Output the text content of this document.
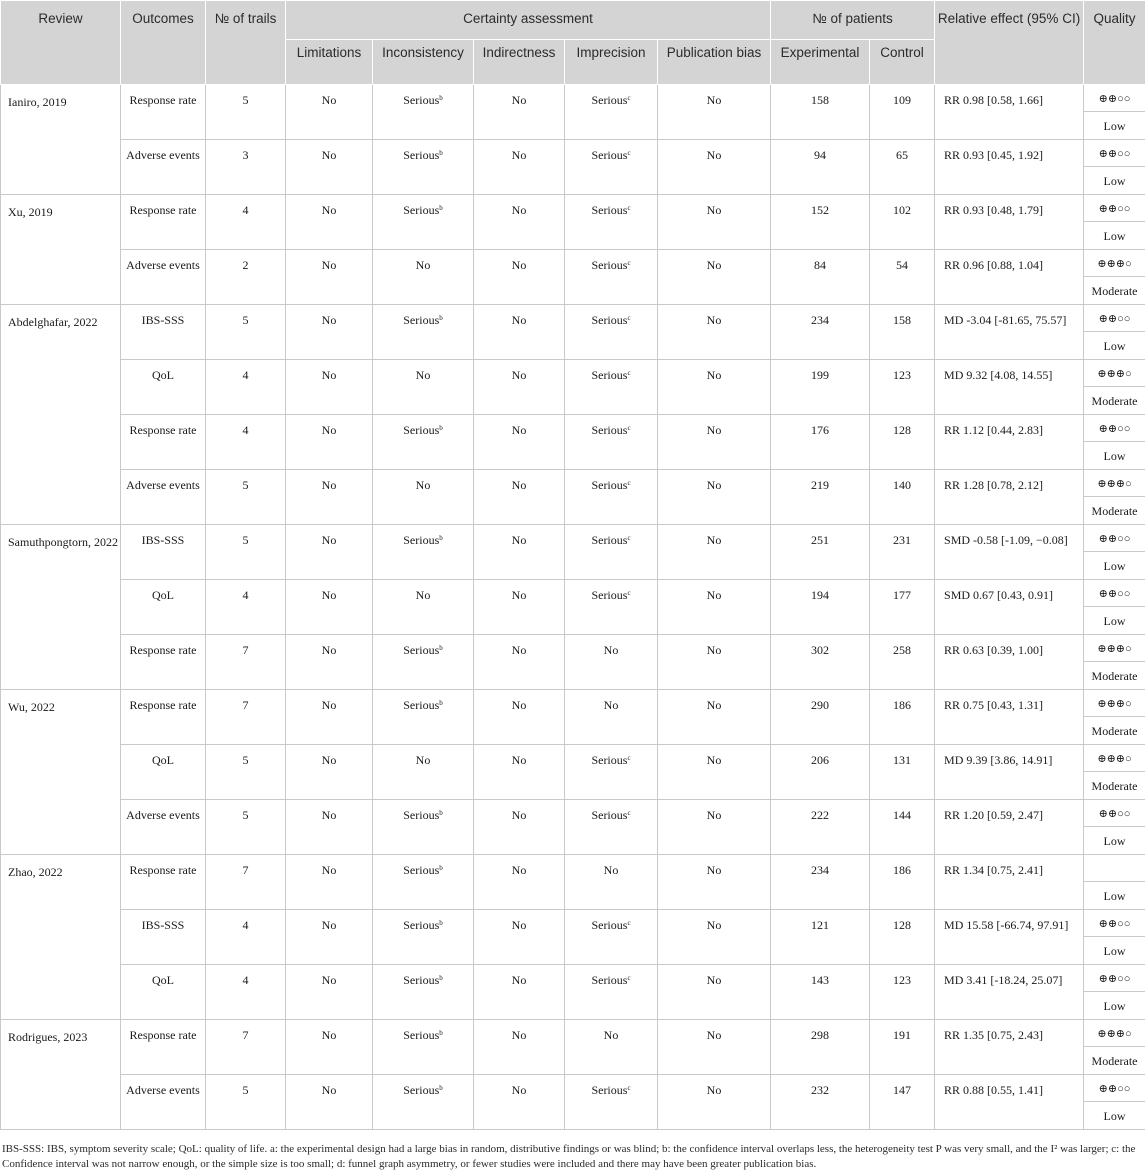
Review	Outcomes	№ of trails	Certainty assessment					№ of patients		Relative effect (95% CI)	Quality
			Limitations	Inconsistency	Indirectness	Imprecision	Publication bias	Experimental	Control		
Ianiro, 2019	Response rate	5	No	Serious$^b$	No	Serious$^c$	No	158	109	RR 0.98 [0.58, 1.66]	⊕⊕○○
											Low
	Adverse events	3	No	Serious$^b$	No	Serious$^c$	No	94	65	RR 0.93 [0.45, 1.92]	⊕⊕○○
											Low
Xu, 2019	Response rate	4	No	Serious$^b$	No	Serious$^c$	No	152	102	RR 0.93 [0.48, 1.79]	⊕⊕○○
											Low
	Adverse events	2	No	No	No	Serious$^c$	No	84	54	RR 0.96 [0.88, 1.04]	⊕⊕⊕○
											Moderate
Abdelghafar, 2022	IBS-SSS	5	No	Serious$^b$	No	Serious$^c$	No	234	158	MD -3.04 [-81.65, 75.57]	⊕⊕○○
											Low
	QoL	4	No	No	No	Serious$^c$	No	199	123	MD 9.32 [4.08, 14.55]	⊕⊕⊕○
											Moderate
	Response rate	4	No	Serious$^b$	No	Serious$^c$	No	176	128	RR 1.12 [0.44, 2.83]	⊕⊕○○
											Low
	Adverse events	5	No	No	No	Serious$^c$	No	219	140	RR 1.28 [0.78, 2.12]	⊕⊕⊕○
											Moderate
Samuthpongtorn, 2022	IBS-SSS	5	No	Serious$^b$	No	Serious$^c$	No	251	231	SMD -0.58 [-1.09, −0.08]	⊕⊕○○
											Low
	QoL	4	No	No	No	Serious$^c$	No	194	177	SMD 0.67 [0.43, 0.91]	⊕⊕○○
											Low
	Response rate	7	No	Serious$^b$	No	No	No	302	258	RR 0.63 [0.39, 1.00]	⊕⊕⊕○
											Moderate
Wu, 2022	Response rate	7	No	Serious$^b$	No	No	No	290	186	RR 0.75 [0.43, 1.31]	⊕⊕⊕○
											Moderate
	QoL	5	No	No	No	Serious$^c$	No	206	131	MD 9.39 [3.86, 14.91]	⊕⊕⊕○
											Moderate
	Adverse events	5	No	Serious$^b$	No	Serious$^c$	No	222	144	RR 1.20 [0.59, 2.47]	⊕⊕○○
											Low
Zhao, 2022	Response rate	7	No	Serious$^b$	No	No	No	234	186	RR 1.34 [0.75, 2.41]	
											Low
	IBS-SSS	4	No	Serious$^b$	No	Serious$^c$	No	121	128	MD 15.58 [-66.74, 97.91]	⊕⊕○○
											Low
	QoL	4	No	Serious$^b$	No	Serious$^c$	No	143	123	MD 3.41 [-18.24, 25.07]	⊕⊕○○
											Low
Rodrigues, 2023	Response rate	7	No	Serious$^b$	No	No	No	298	191	RR 1.35 [0.75, 2.43]	⊕⊕⊕○
											Moderate
	Adverse events	5	No	Serious$^b$	No	Serious$^c$	No	232	147	RR 0.88 [0.55, 1.41]	⊕⊕○○
											Low
IBS-SSS: IBS, symptom severity scale; QoL: quality of life. a: the experimental design had a large bias in random, distributive findings or was blind; b: the confidence interval overlaps less, the heterogeneity test P was very small, and the I² was larger; c: the Confidence interval was not narrow enough, or the simple size is too small; d: funnel graph asymmetry, or fewer studies were included and there may have been greater publication bias.
